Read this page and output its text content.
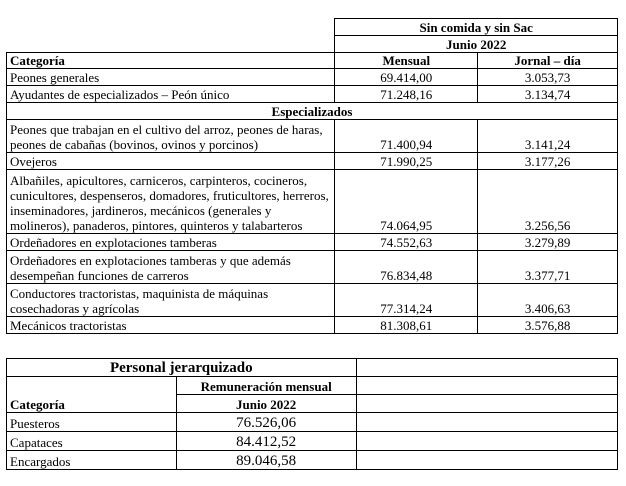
	Sin comida y sin Sac	
	Junio 2022	
Categoría	Mensual	Jornal – día
Peones generales	69.414,00	3.053,73
Ayudantes de especializados – Peón único	71.248,16	3.134,74
Especializados		
Peones que trabajan en el cultivo del arroz, peones de haras, peones de cabañas (bovinos, ovinos y porcinos)	71.400,94	3.141,24
Ovejeros	71.990,25	3.177,26
Albañiles, apicultores, carniceros, carpinteros, cocineros, cunicultores, despenseros, domadores, fruticultores, herreros, inseminadores, jardineros, mecánicos (generales y molineros), panaderos, pintores, quinteros y talabarteros	74.064,95	3.256,56
Ordeñadores en explotaciones tamberas	74.552,63	3.279,89
Ordeñadores en explotaciones tamberas y que además desempeñan funciones de carreros	76.834,48	3.377,71
Conductores tractoristas, maquinista de máquinas cosechadoras y agrícolas	77.314,24	3.406,63
Mecánicos tractoristas	81.308,61	3.576,88
Personal jerarquizado		
	Remuneración mensual	
Categoría	Junio 2022	
Puesteros	76.526,06	
Capataces	84.412,52	
Encargados	89.046,58	
